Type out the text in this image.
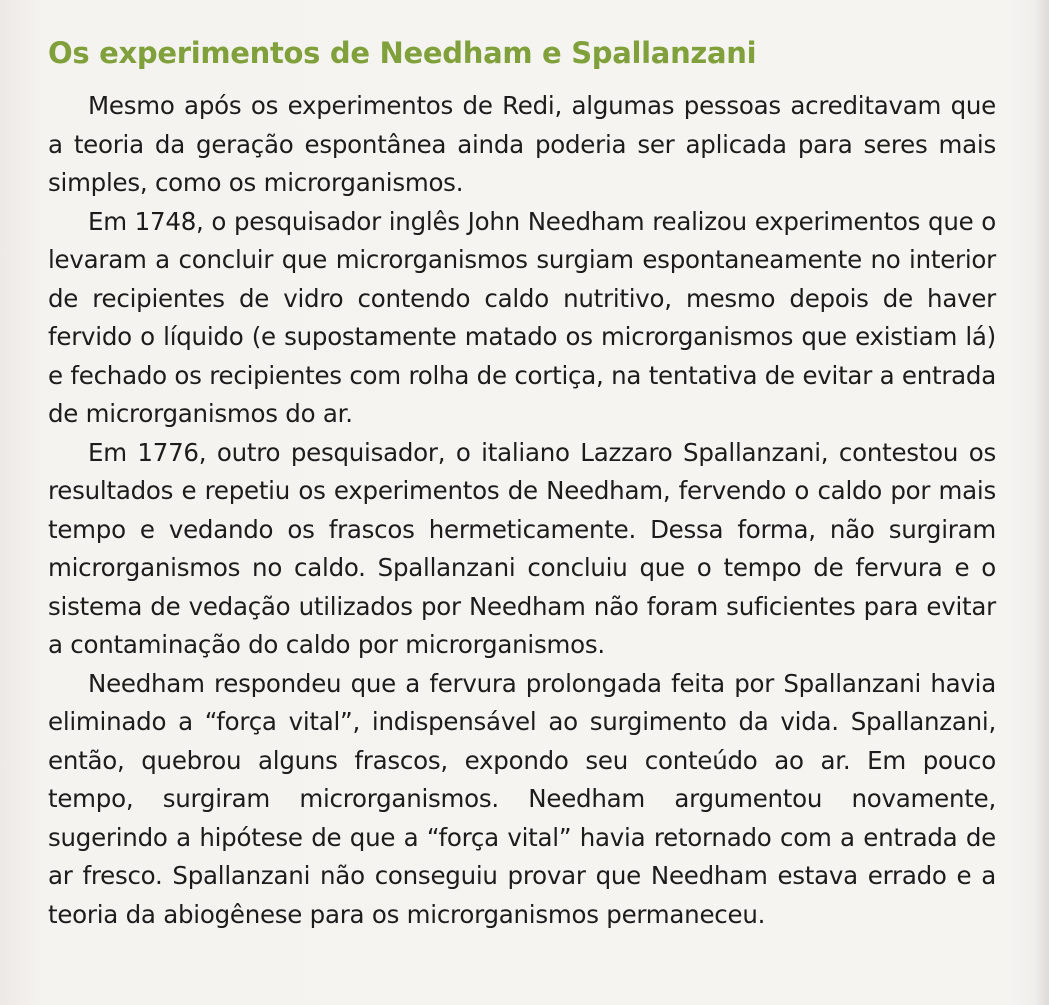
Os experimentos de Needham e Spallanzani

Mesmo após os experimentos de Redi, algumas pessoas acreditavam que a teoria da geração espontânea ainda poderia ser aplicada para seres mais simples, como os microrganismos.

Em 1748, o pesquisador inglês John Needham realizou experimentos que o levaram a concluir que microrganismos surgiam espontaneamente no interior de recipientes de vidro contendo caldo nutritivo, mesmo depois de haver fervido o líquido (e supostamente matado os microrganismos que existiam lá) e fechado os recipientes com rolha de cortiça, na tentativa de evitar a entrada de microrganismos do ar.

Em 1776, outro pesquisador, o italiano Lazzaro Spallanzani, contestou os resultados e repetiu os experimentos de Needham, fervendo o caldo por mais tempo e vedando os frascos hermeticamente. Dessa forma, não surgiram microrganismos no caldo. Spallanzani concluiu que o tempo de fervura e o sistema de vedação utilizados por Needham não foram suficientes para evitar a contaminação do caldo por microrganismos.

Needham respondeu que a fervura prolongada feita por Spallanzani havia eliminado a “força vital”, indispensável ao surgimento da vida. Spallanzani, então, quebrou alguns frascos, expondo seu conteúdo ao ar. Em pouco tempo, surgiram microrganismos. Needham argumentou novamente, sugerindo a hipótese de que a “força vital” havia retornado com a entrada de ar fresco. Spallanzani não conseguiu provar que Needham estava errado e a teoria da abiogênese para os microrganismos permaneceu.
